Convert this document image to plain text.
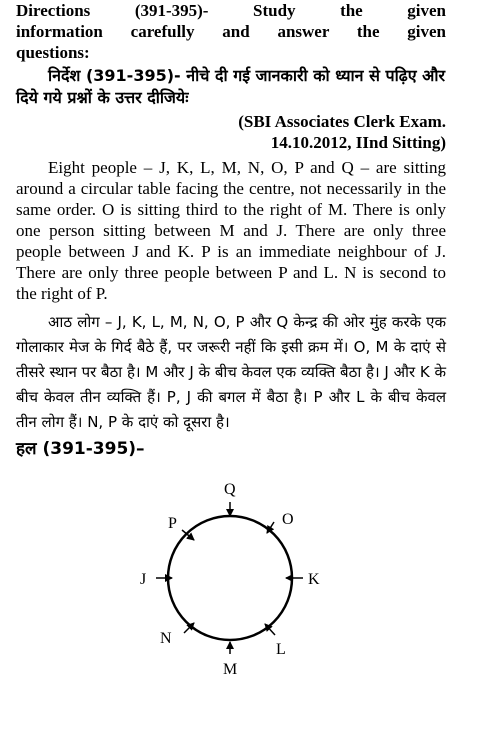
Directions  (391-395)-  Study  the  given

information carefully and answer the given

questions:

निर्देश (391-395)- नीचे दी गई जानकारी को ध्यान से पढ़िए और दिये गये प्रश्नों के उत्तर दीजियेः

(SBI Associates Clerk Exam.

14.10.2012, IInd Sitting)

Eight people – J, K, L, M, N, O, P and Q – are sitting around a circular table facing the centre, not necessarily in the same order. O is sitting third to the right of M. There is only one person sitting between M and J. There are only three people between J and K. P is an immediate neighbour of J. There are only three people between P and L. N is second to the right of P.

आठ लोग – J, K, L, M, N, O, P और Q केन्द्र की ओर मुंह करके एक गोलाकार मेज के गिर्द बैठे हैं, पर जरूरी नहीं कि इसी क्रम में। O, M के दाएं से तीसरे स्थान पर बैठा है। M और J के बीच केवल एक व्यक्ति बैठा है। J और K के बीच केवल तीन व्यक्ति हैं। P, J की बगल में बैठा है। P और L के बीच केवल तीन लोग हैं। N, P के दाएं को दूसरा है।

हल (391-395)–

Q
O
K
L
M
N
J
P
